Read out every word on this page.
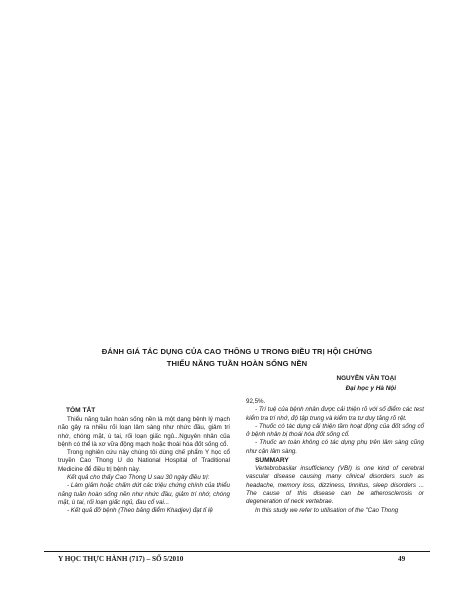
ĐÁNH GIÁ TÁC DỤNG CỦA CAO THÔNG U TRONG ĐIỀU TRỊ HỘI CHỨNG
THIỂU NĂNG TUẦN HOÀN SỐNG NỀN
NGUYỄN VĂN TOẠI
Đại học y Hà Nội
TÓM TẮT

Thiểu năng tuần hoàn sống nền là một dạng bệnh lý mạch não gây ra nhiều rối loạn lâm sàng như nhức đầu, giảm trí nhớ, chóng mặt, ù tai, rối loạn giấc ngủ...Nguyên nhân của bệnh có thể là xơ vữa động mạch hoặc thoái hóa đốt sống cổ.

Trong nghiên cứu này chúng tôi dùng chế phẩm Y học cổ truyền Cao Thong U do National Hospital of Traditional Medicine để điều trị bệnh này.

Kết quả cho thấy Cao Thong U sau 30 ngày điều trị:

- Làm giảm hoặc chấm dứt các triệu chứng chính của thiểu năng tuần hoàn sống nền như nhức đầu, giảm trí nhớ, chóng mặt, ù tai, rối loạn giấc ngủ, đau cổ vai...

- Kết quả đỡ bệnh (Theo bảng điểm Khadjev) đạt tỉ lệ

92,5%.

- Trí tuệ của bệnh nhân được cải thiện rõ với số điểm các test kiểm tra trí nhớ, độ tập trung và kiểm tra tư duy tăng rõ rệt.

- Thuốc có tác dụng cải thiện tầm hoạt động của đốt sống cổ ở bệnh nhân bị thoái hóa đốt sống cổ.

- Thuốc an toàn không có tác dụng phụ trên lâm sàng cũng như cận lâm sàng.

SUMMARY

Vertebrobasilar insufficiency (VBI) is one kind of cerebral vascular disease causing many clinical disorders such as headache, memory loss, dizziness, tinnitus, sleep disorders ... The cause of this disease can be atherosclerosis or degeneration of neck vertebrae.

In this study we refer to utilisation of the "Cao Thong

Y HỌC THỰC HÀNH (717) – SỐ 5/2010	49
